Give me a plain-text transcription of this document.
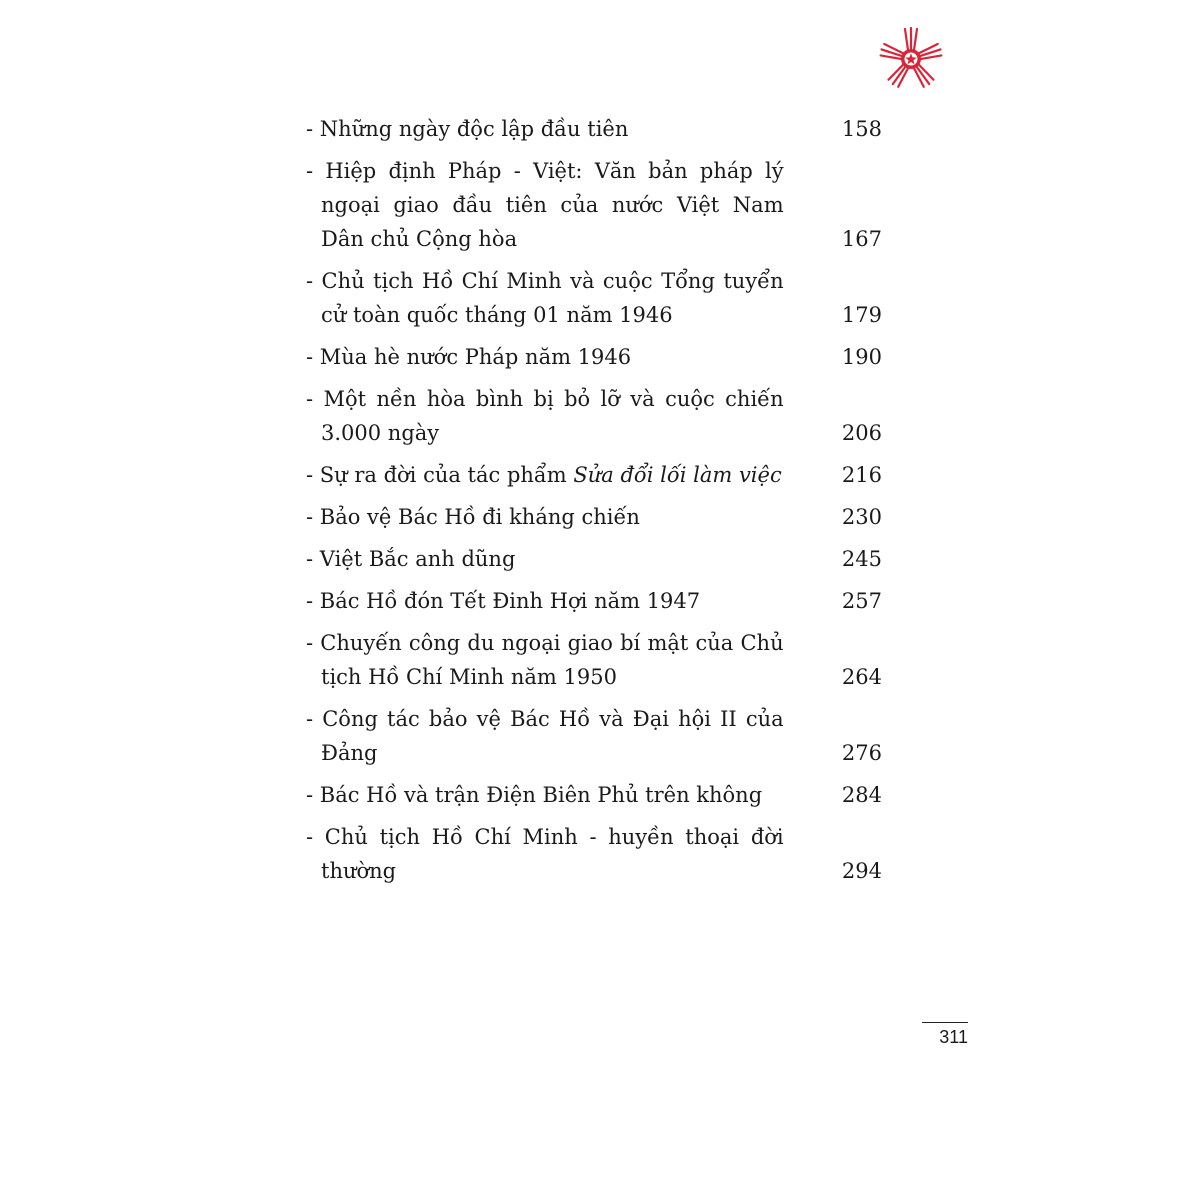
- Những ngày độc lập đầu tiên	158
- Hiệp định Pháp - Việt: Văn bản pháp lý ngoại giao đầu tiên của nước Việt Nam Dân chủ Cộng hòa	167
- Chủ tịch Hồ Chí Minh và cuộc Tổng tuyển cử toàn quốc tháng 01 năm 1946	179
- Mùa hè nước Pháp năm 1946	190
- Một nền hòa bình bị bỏ lỡ và cuộc chiến 3.000 ngày	206
- Sự ra đời của tác phẩm Sửa đổi lối làm việc	216
- Bảo vệ Bác Hồ đi kháng chiến	230
- Việt Bắc anh dũng	245
- Bác Hồ đón Tết Đinh Hợi năm 1947	257
- Chuyến công du ngoại giao bí mật của Chủ tịch Hồ Chí Minh năm 1950	264
- Công tác bảo vệ Bác Hồ và Đại hội II của Đảng	276
- Bác Hồ và trận Điện Biên Phủ trên không	284
- Chủ tịch Hồ Chí Minh - huyền thoại đời thường	294
311
